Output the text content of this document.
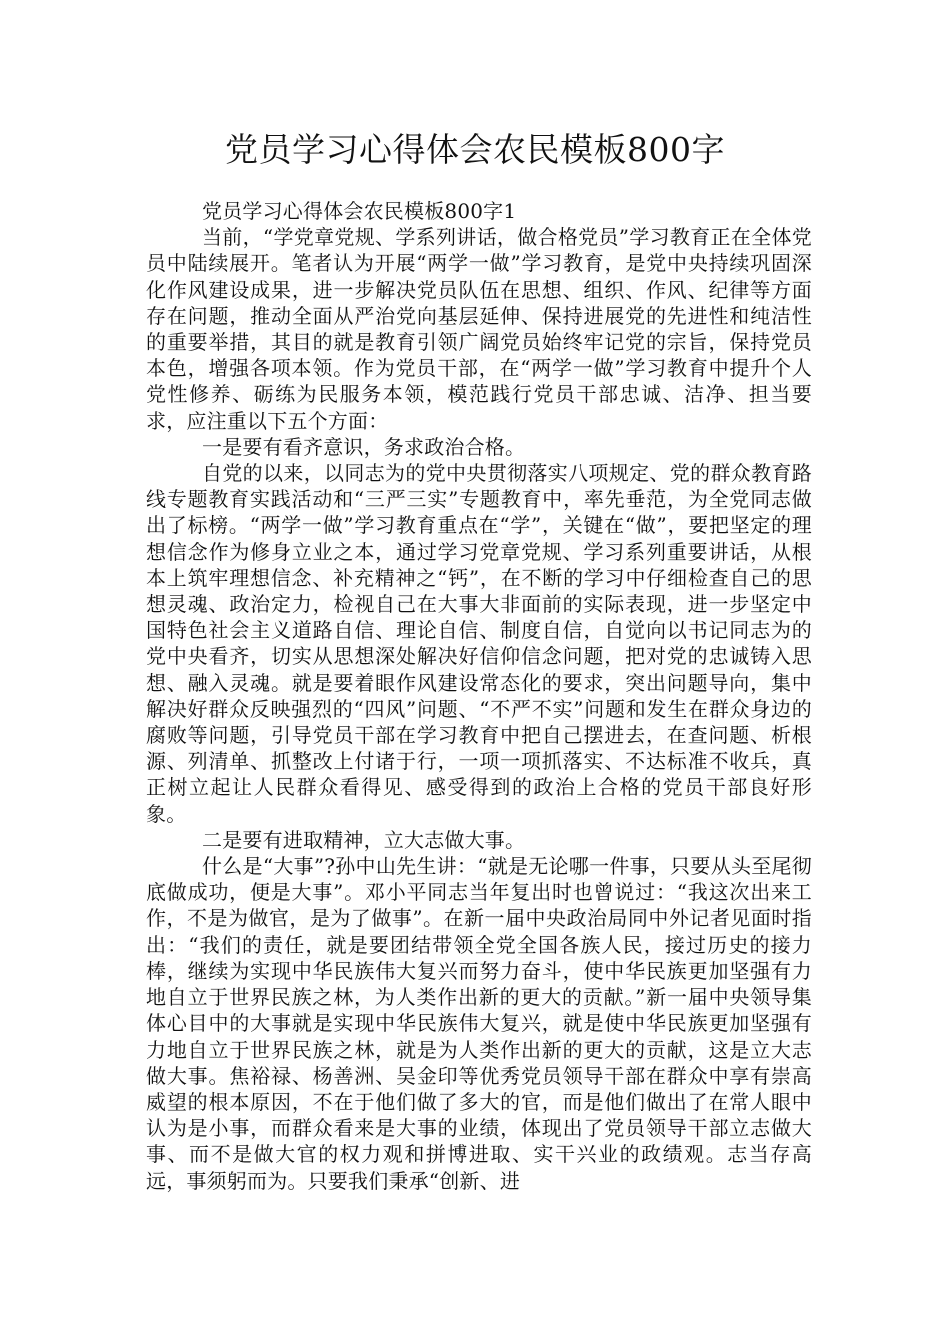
党员学习心得体会农民模板800字

党员学习心得体会农民模板800字1

当前，“学党章党规、学系列讲话，做合格党员”学习教育正在全体党员中陆续展开。笔者认为开展“两学一做”学习教育，是党中央持续巩固深化作风建设成果，进一步解决党员队伍在思想、组织、作风、纪律等方面存在问题，推动全面从严治党向基层延伸、保持进展党的先进性和纯洁性的重要举措，其目的就是教育引领广阔党员始终牢记党的宗旨，保持党员本色，增强各项本领。作为党员干部，在“两学一做”学习教育中提升个人党性修养、砺练为民服务本领，模范践行党员干部忠诚、洁净、担当要求，应注重以下五个方面：

一是要有看齐意识，务求政治合格。

自党的以来，以同志为的党中央贯彻落实八项规定、党的群众教育路线专题教育实践活动和“三严三实”专题教育中，率先垂范，为全党同志做出了标榜。“两学一做”学习教育重点在“学”，关键在“做”，要把坚定的理想信念作为修身立业之本，通过学习党章党规、学习系列重要讲话，从根本上筑牢理想信念、补充精神之“钙”，在不断的学习中仔细检查自己的思想灵魂、政治定力，检视自己在大事大非面前的实际表现，进一步坚定中国特色社会主义道路自信、理论自信、制度自信，自觉向以书记同志为的党中央看齐，切实从思想深处解决好信仰信念问题，把对党的忠诚铸入思想、融入灵魂。就是要着眼作风建设常态化的要求，突出问题导向，集中解决好群众反映强烈的“四风”问题、“不严不实”问题和发生在群众身边的腐败等问题，引导党员干部在学习教育中把自己摆进去，在查问题、析根源、列清单、抓整改上付诸于行，一项一项抓落实、不达标准不收兵，真正树立起让人民群众看得见、感受得到的政治上合格的党员干部良好形象。

二是要有进取精神，立大志做大事。

什么是“大事”?孙中山先生讲：“就是无论哪一件事，只要从头至尾彻底做成功，便是大事”。邓小平同志当年复出时也曾说过：“我这次出来工作，不是为做官，是为了做事”。在新一届中央政治局同中外记者见面时指出：“我们的责任，就是要团结带领全党全国各族人民，接过历史的接力棒，继续为实现中华民族伟大复兴而努力奋斗，使中华民族更加坚强有力地自立于世界民族之林，为人类作出新的更大的贡献。”新一届中央领导集体心目中的大事就是实现中华民族伟大复兴，就是使中华民族更加坚强有力地自立于世界民族之林，就是为人类作出新的更大的贡献，这是立大志做大事。焦裕禄、杨善洲、吴金印等优秀党员领导干部在群众中享有崇高威望的根本原因，不在于他们做了多大的官，而是他们做出了在常人眼中认为是小事，而群众看来是大事的业绩，体现出了党员领导干部立志做大事、而不是做大官的权力观和拼博进取、实干兴业的政绩观。志当存高远，事须躬而为。只要我们秉承“创新、进
